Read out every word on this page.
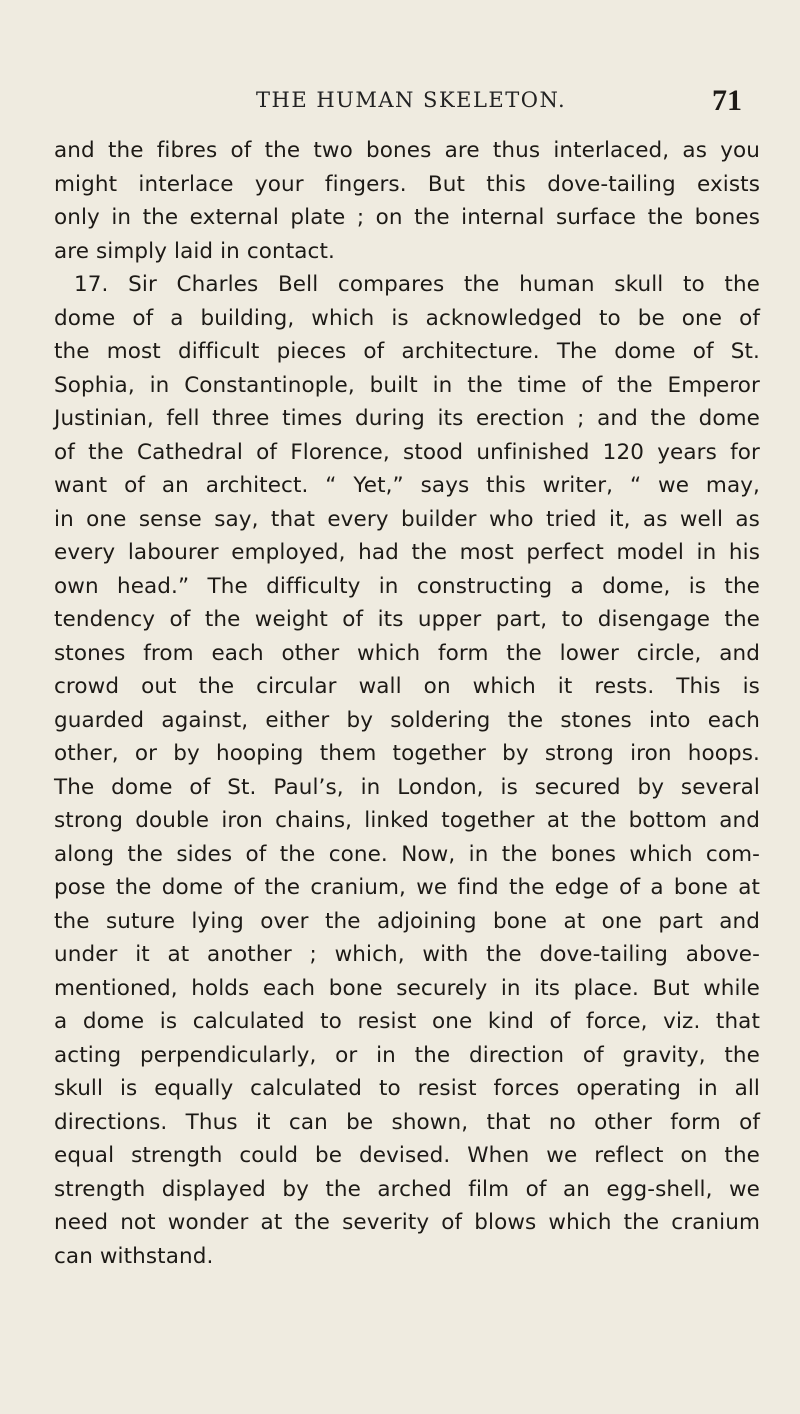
THE HUMAN SKELETON.	71
and the fibres of the two bones are thus interlaced, as you
might interlace your fingers. But this dove-tailing exists
only in the external plate ; on the internal surface the bones
are simply laid in contact.
17. Sir Charles Bell compares the human skull to the
dome of a building, which is acknowledged to be one of
the most difficult pieces of architecture. The dome of St.
Sophia, in Constantinople, built in the time of the Emperor
Justinian, fell three times during its erection ; and the dome
of the Cathedral of Florence, stood unfinished 120 years for
want of an architect. “ Yet,” says this writer, “ we may,
in one sense say, that every builder who tried it, as well as
every labourer employed, had the most perfect model in his
own head.” The difficulty in constructing a dome, is the
tendency of the weight of its upper part, to disengage the
stones from each other which form the lower circle, and
crowd out the circular wall on which it rests. This is
guarded against, either by soldering the stones into each
other, or by hooping them together by strong iron hoops.
The dome of St. Paul’s, in London, is secured by several
strong double iron chains, linked together at the bottom and
along the sides of the cone. Now, in the bones which com-
pose the dome of the cranium, we find the edge of a bone at
the suture lying over the adjoining bone at one part and
under it at another ; which, with the dove-tailing above-
mentioned, holds each bone securely in its place. But while
a dome is calculated to resist one kind of force, viz. that
acting perpendicularly, or in the direction of gravity, the
skull is equally calculated to resist forces operating in all
directions. Thus it can be shown, that no other form of
equal strength could be devised. When we reflect on the
strength displayed by the arched film of an egg-shell, we
need not wonder at the severity of blows which the cranium
can withstand.
